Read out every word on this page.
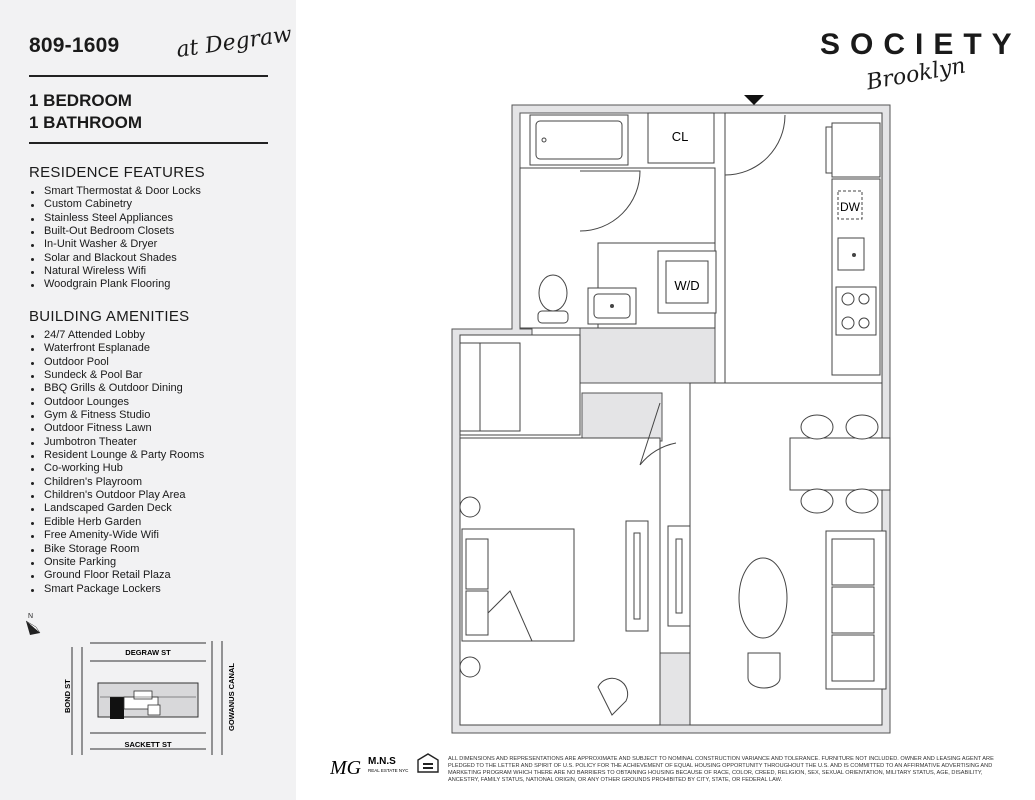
809-1609	at Degraw
1 BEDROOM
1 BATHROOM
RESIDENCE FEATURES
Smart Thermostat & Door Locks
Custom Cabinetry
Stainless Steel Appliances
Built-Out Bedroom Closets
In-Unit Washer & Dryer
Solar and Blackout Shades
Natural Wireless Wifi
Woodgrain Plank Flooring
BUILDING AMENITIES
24/7 Attended Lobby
Waterfront Esplanade
Outdoor Pool
Sundeck & Pool Bar
BBQ Grills & Outdoor Dining
Outdoor Lounges
Gym & Fitness Studio
Outdoor Fitness Lawn
Jumbotron Theater
Resident Lounge & Party Rooms
Co-working Hub
Children's Playroom
Children's Outdoor Play Area
Landscaped Garden Deck
Edible Herb Garden
Free Amenity-Wide Wifi
Bike Storage Room
Onsite Parking
Ground Floor Retail Plaza
Smart Package Lockers
N
DEGRAW ST
SACKETT ST
BOND ST	GOWANUS CANAL
SOCIETY
Brooklyn
CL
W/D
DW
MG M.N.S
REAL ESTATE NYC
ALL DIMENSIONS AND REPRESENTATIONS ARE APPROXIMATE AND SUBJECT TO NOMINAL CONSTRUCTION VARIANCE AND TOLERANCE. FURNITURE NOT INCLUDED. OWNER AND LEASING AGENT ARE PLEDGED TO THE LETTER AND SPIRIT OF U.S. POLICY FOR THE ACHIEVEMENT OF EQUAL HOUSING OPPORTUNITY THROUGHOUT THE U.S. AND IS COMMITTED TO AN AFFIRMATIVE ADVERTISING AND MARKETING PROGRAM WHICH THERE ARE NO BARRIERS TO OBTAINING HOUSING BECAUSE OF RACE, COLOR, CREED, RELIGION, SEX, SEXUAL ORIENTATION, MILITARY STATUS, AGE, DISABILITY, ANCESTRY, FAMILY STATUS, NATIONAL ORIGIN, OR ANY OTHER GROUNDS PROHIBITED BY CITY, STATE, OR FEDERAL LAW.
